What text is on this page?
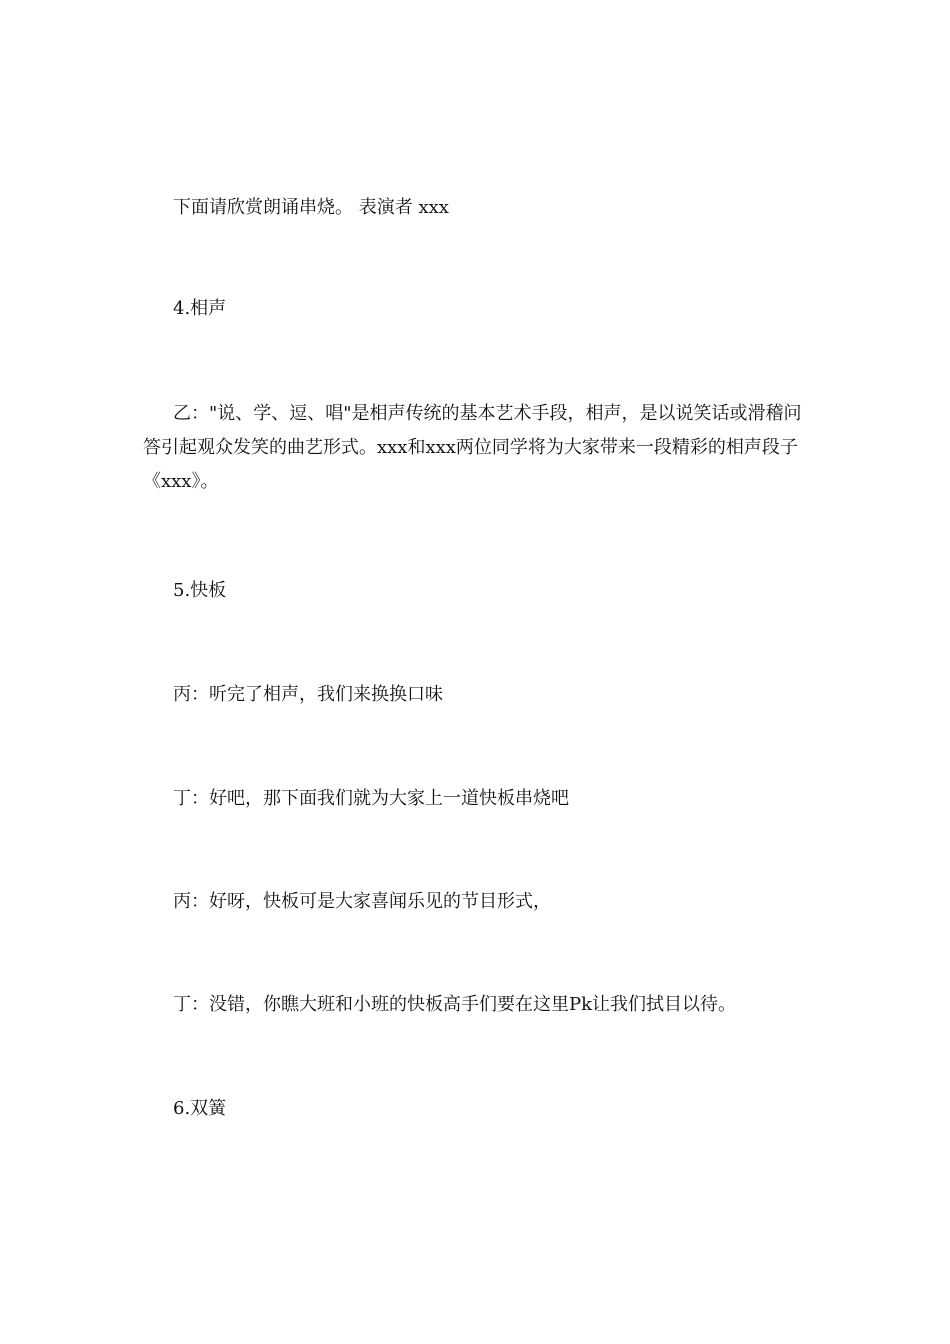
下面请欣赏朗诵串烧。 表演者 xxx

4.相声

乙："说、学、逗、唱"是相声传统的基本艺术手段，相声，是以说笑话或滑稽问答引起观众发笑的曲艺形式。xxx和xxx两位同学将为大家带来一段精彩的相声段子《xxx》。

5.快板

丙：听完了相声，我们来换换口味

丁：好吧，那下面我们就为大家上一道快板串烧吧

丙：好呀，快板可是大家喜闻乐见的节目形式，

丁：没错，你瞧大班和小班的快板高手们要在这里Pk让我们拭目以待。

6.双簧
